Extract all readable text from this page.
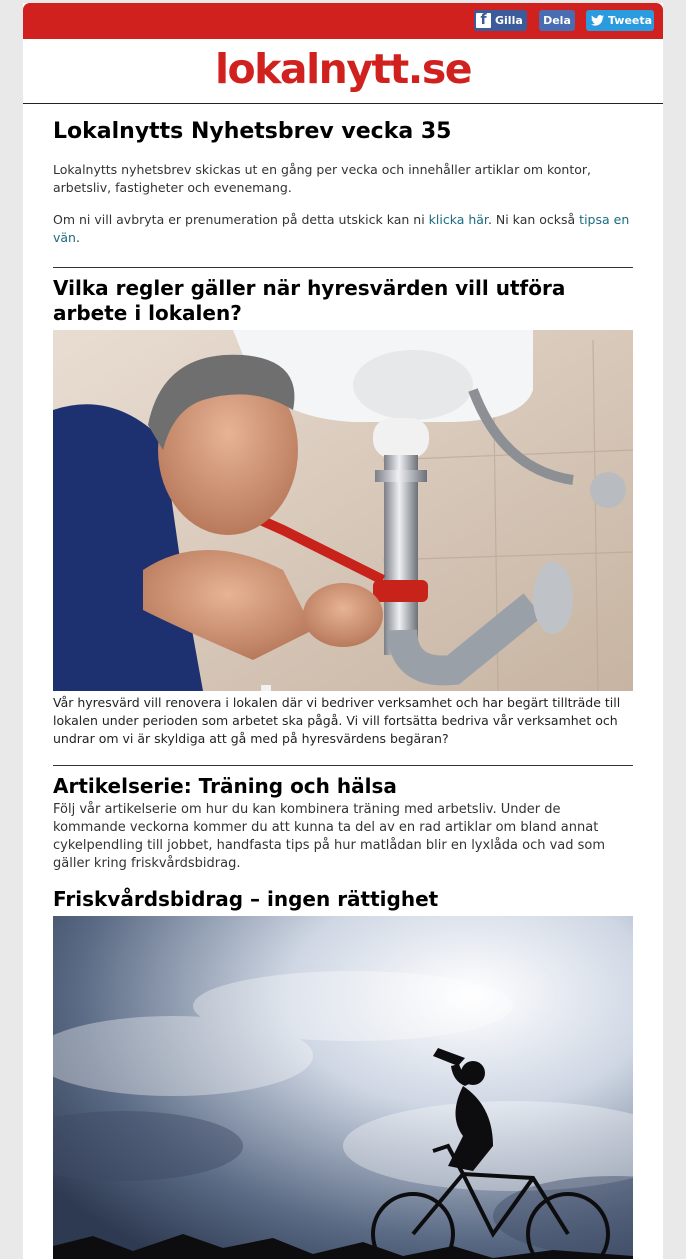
f Gilla Dela	Tweeta
lokalnytt.se
Lokalnytts Nyhetsbrev vecka 35

Lokalnytts nyhetsbrev skickas ut en gång per vecka och innehåller artiklar om kontor, arbetsliv, fastigheter och evenemang.

Om ni vill avbryta er prenumeration på detta utskick kan ni klicka här. Ni kan också tipsa en vän.

Vilka regler gäller när hyresvärden vill utföra arbete i lokalen?

Vår hyresvärd vill renovera i lokalen där vi bedriver verksamhet och har begärt tillträde till lokalen under perioden som arbetet ska pågå. Vi vill fortsätta bedriva vår verksamhet och undrar om vi är skyldiga att gå med på hyresvärdens begäran?

Artikelserie: Träning och hälsa

Följ vår artikelserie om hur du kan kombinera träning med arbetsliv. Under de kommande veckorna kommer du att kunna ta del av en rad artiklar om bland annat cykelpendling till jobbet, handfasta tips på hur matlådan blir en lyxlåda och vad som gäller kring friskvårdsbidrag.

Friskvårdsbidrag – ingen rättighet
